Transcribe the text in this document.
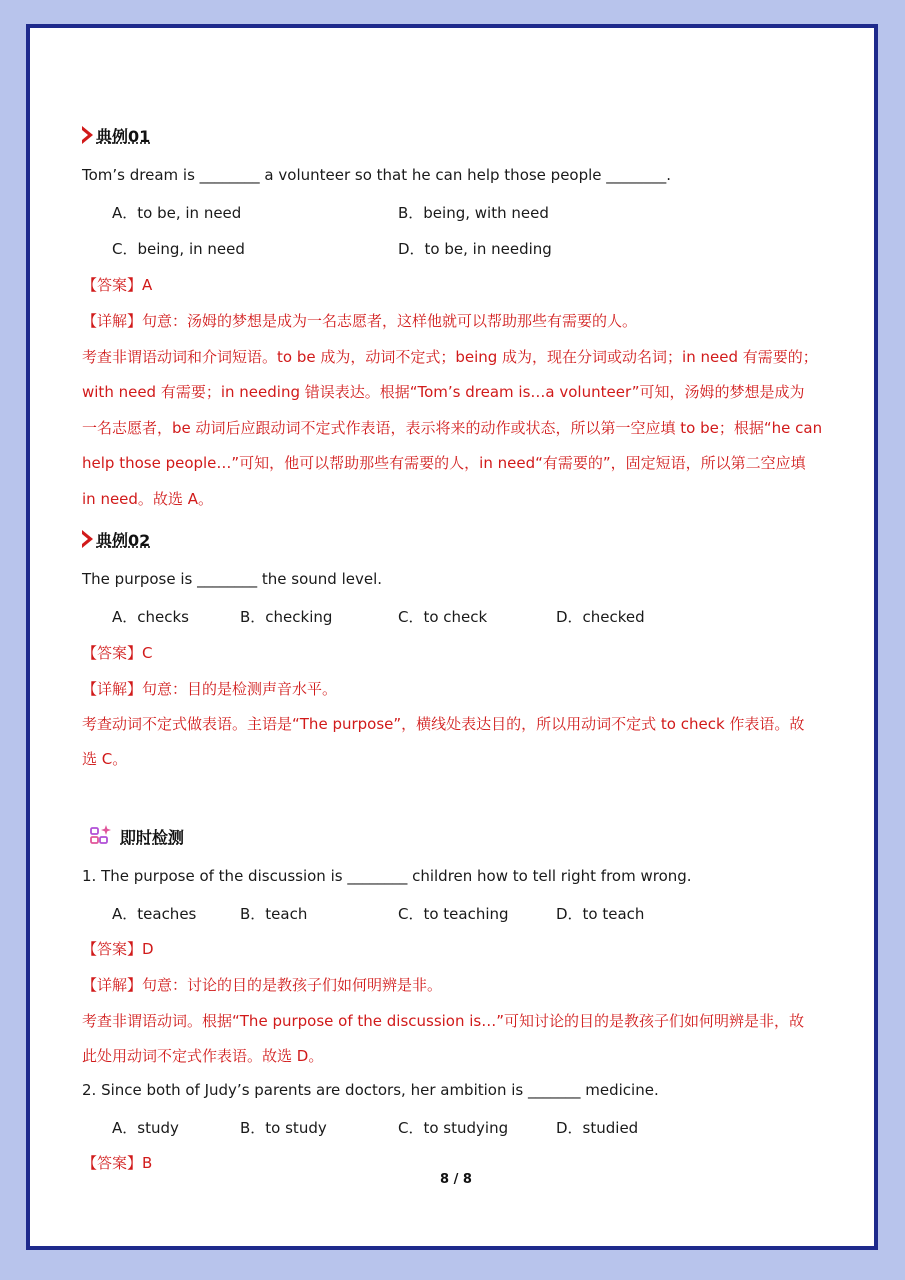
典例01
Tom’s dream is ________ a volunteer so that he can help those people ________.
A．to be, in need	B．being, with need
C．being, in need	D．to be, in needing
【答案】A
【详解】句意：汤姆的梦想是成为一名志愿者，这样他就可以帮助那些有需要的人。
考查非谓语动词和介词短语。to be 成为，动词不定式；being 成为，现在分词或动名词；in need 有需要的；
with need 有需要；in needing 错误表达。根据“Tom’s dream is…a volunteer”可知，汤姆的梦想是成为
一名志愿者，be 动词后应跟动词不定式作表语，表示将来的动作或状态，所以第一空应填 to be；根据“he can
help those people…”可知，他可以帮助那些有需要的人，in need“有需要的”，固定短语，所以第二空应填
in need。故选 A。
典例02
The purpose is ________ the sound level.
A．checks	B．checking	C．to check	D．checked
【答案】C
【详解】句意：目的是检测声音水平。
考查动词不定式做表语。主语是“The purpose”，横线处表达目的，所以用动词不定式 to check 作表语。故
选 C。
即时检测
1. The purpose of the discussion is ________ children how to tell right from wrong.
A．teaches	B．teach	C．to teaching	D．to teach
【答案】D
【详解】句意：讨论的目的是教孩子们如何明辨是非。
考查非谓语动词。根据“The purpose of the discussion is…”可知讨论的目的是教孩子们如何明辨是非，故
此处用动词不定式作表语。故选 D。
2. Since both of Judy’s parents are doctors, her ambition is _______ medicine.
A．study	B．to study	C．to studying	D．studied
【答案】B
8 / 8
